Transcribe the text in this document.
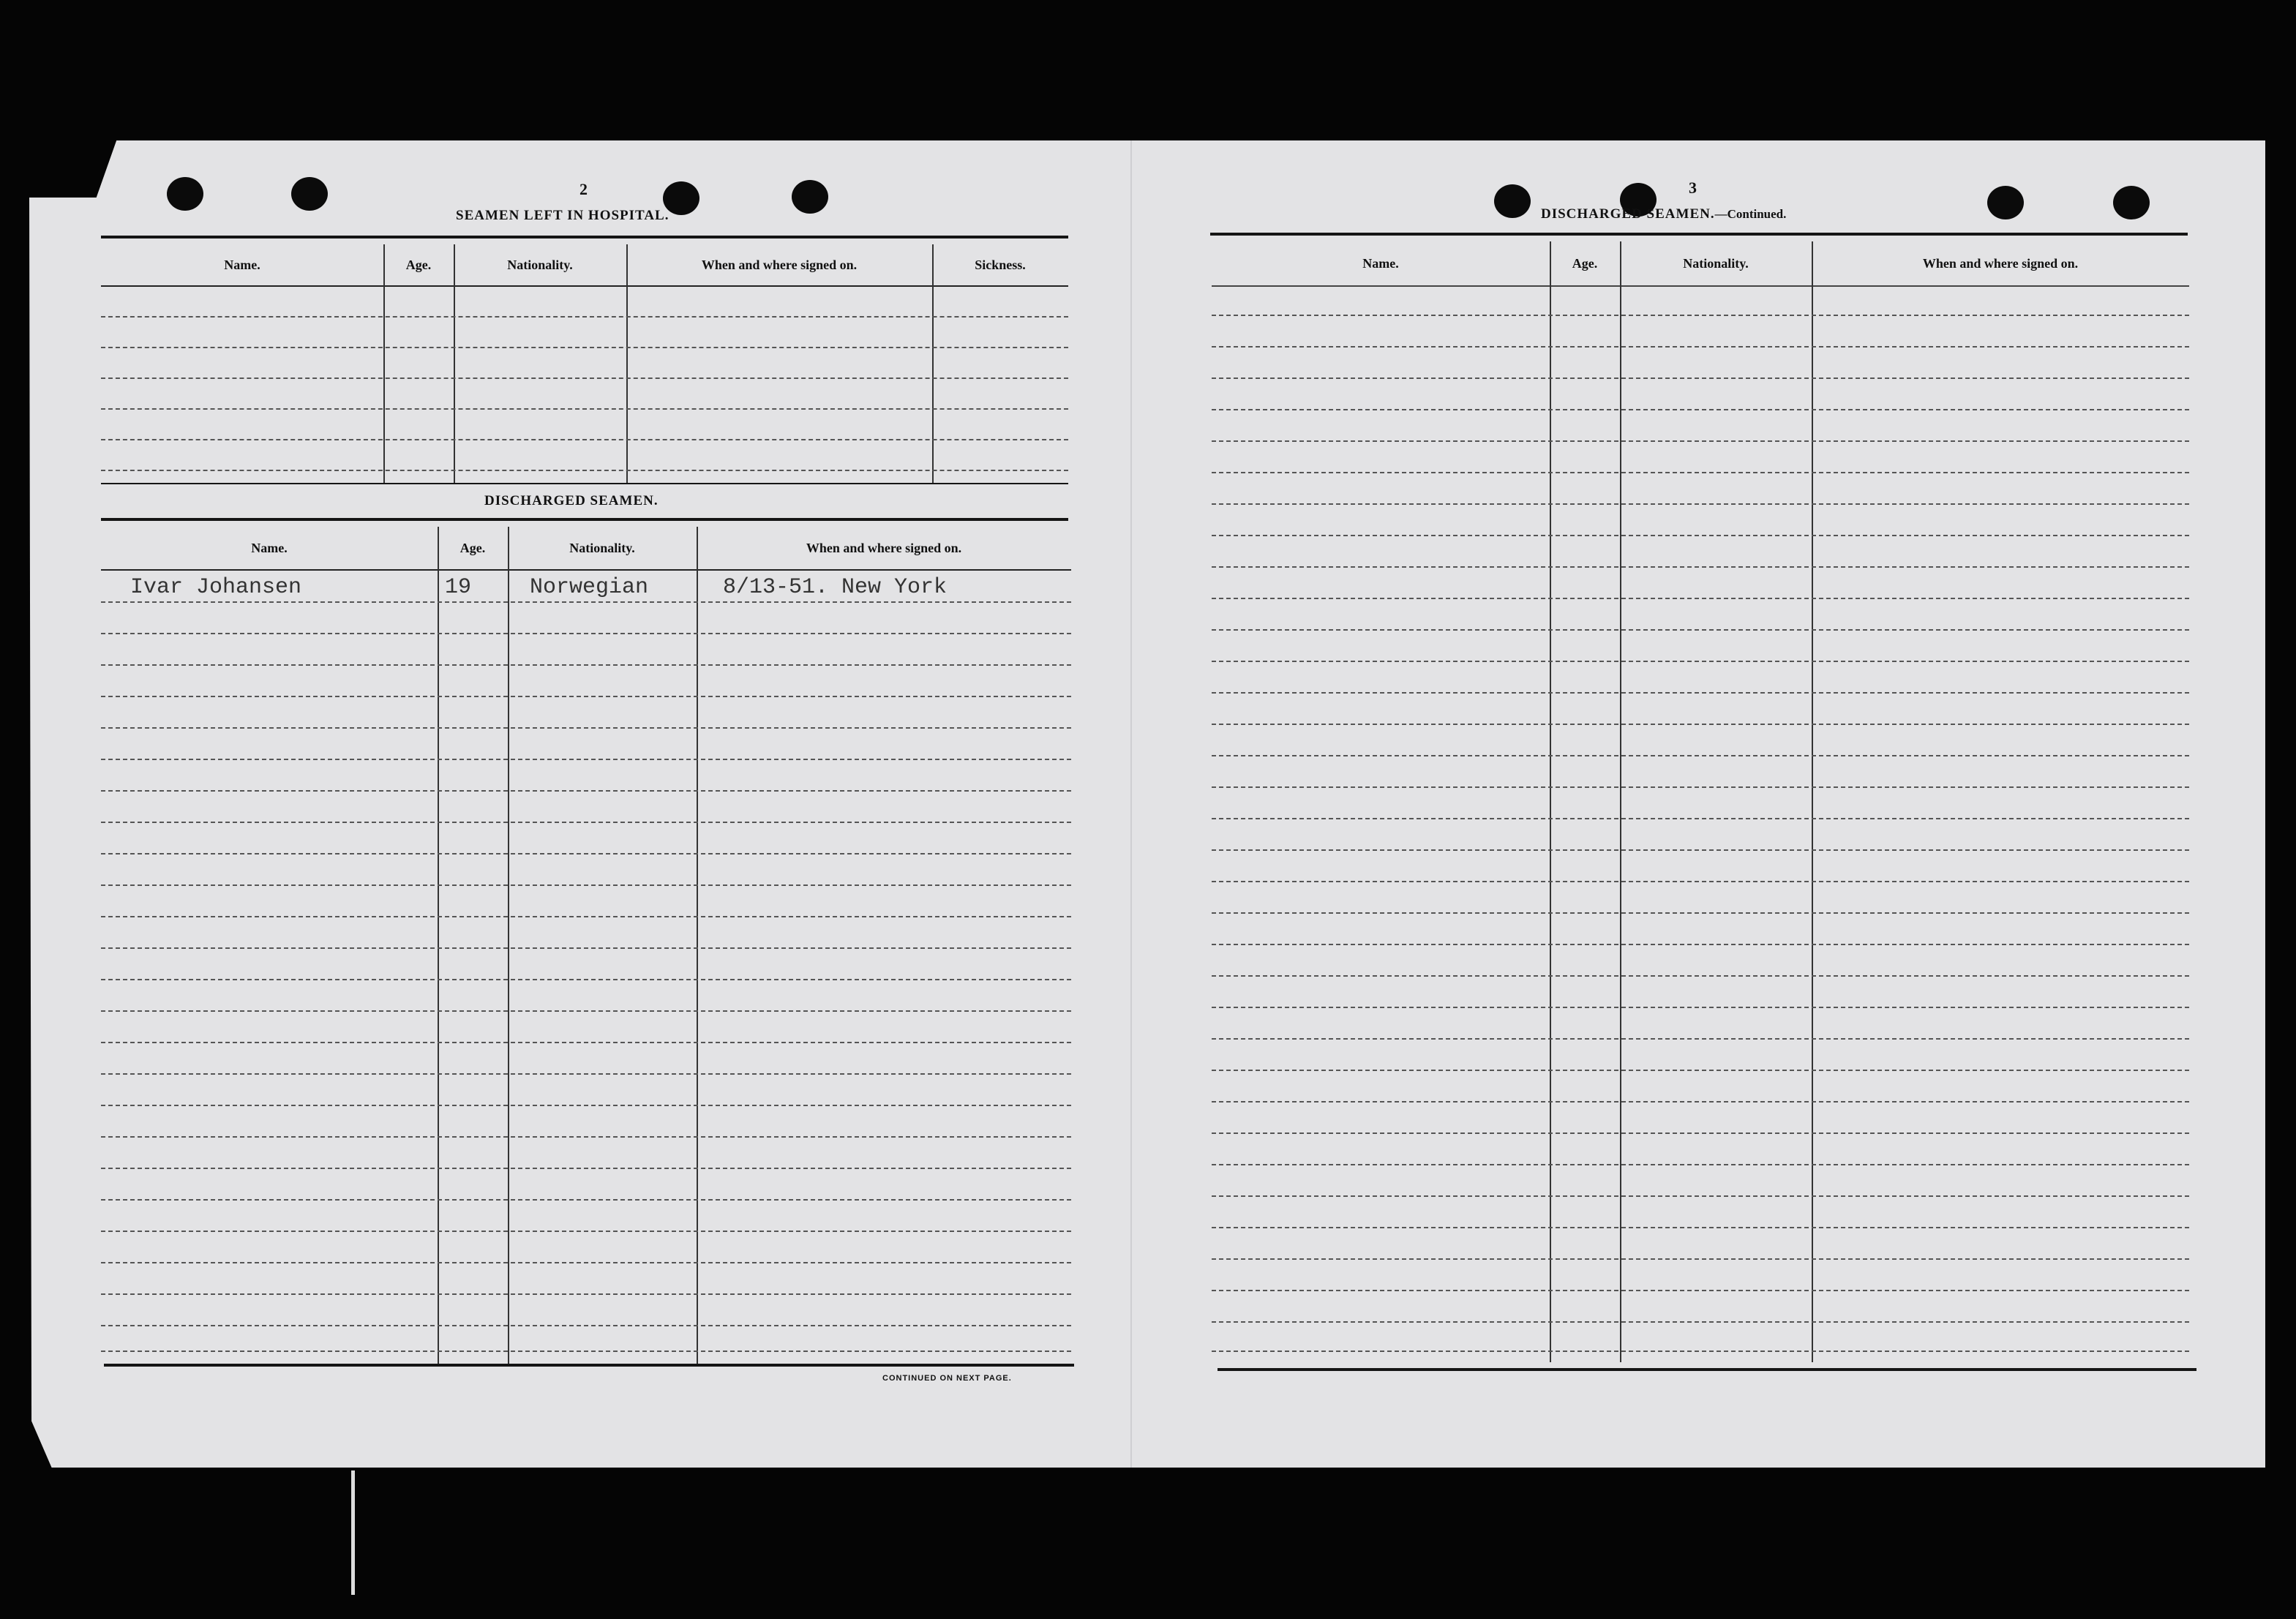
2
SEAMEN LEFT IN HOSPITAL.
Name.	Age.	Nationality.	When and where signed on.	Sickness.
DISCHARGED SEAMEN.
Name.	Age.	Nationality.	When and where signed on.
Ivar Johansen	19	Norwegian	8/13-51. New York
CONTINUED ON NEXT PAGE.
3
DISCHARGED SEAMEN.—Continued.
Name.	Age.	Nationality.	When and where signed on.
